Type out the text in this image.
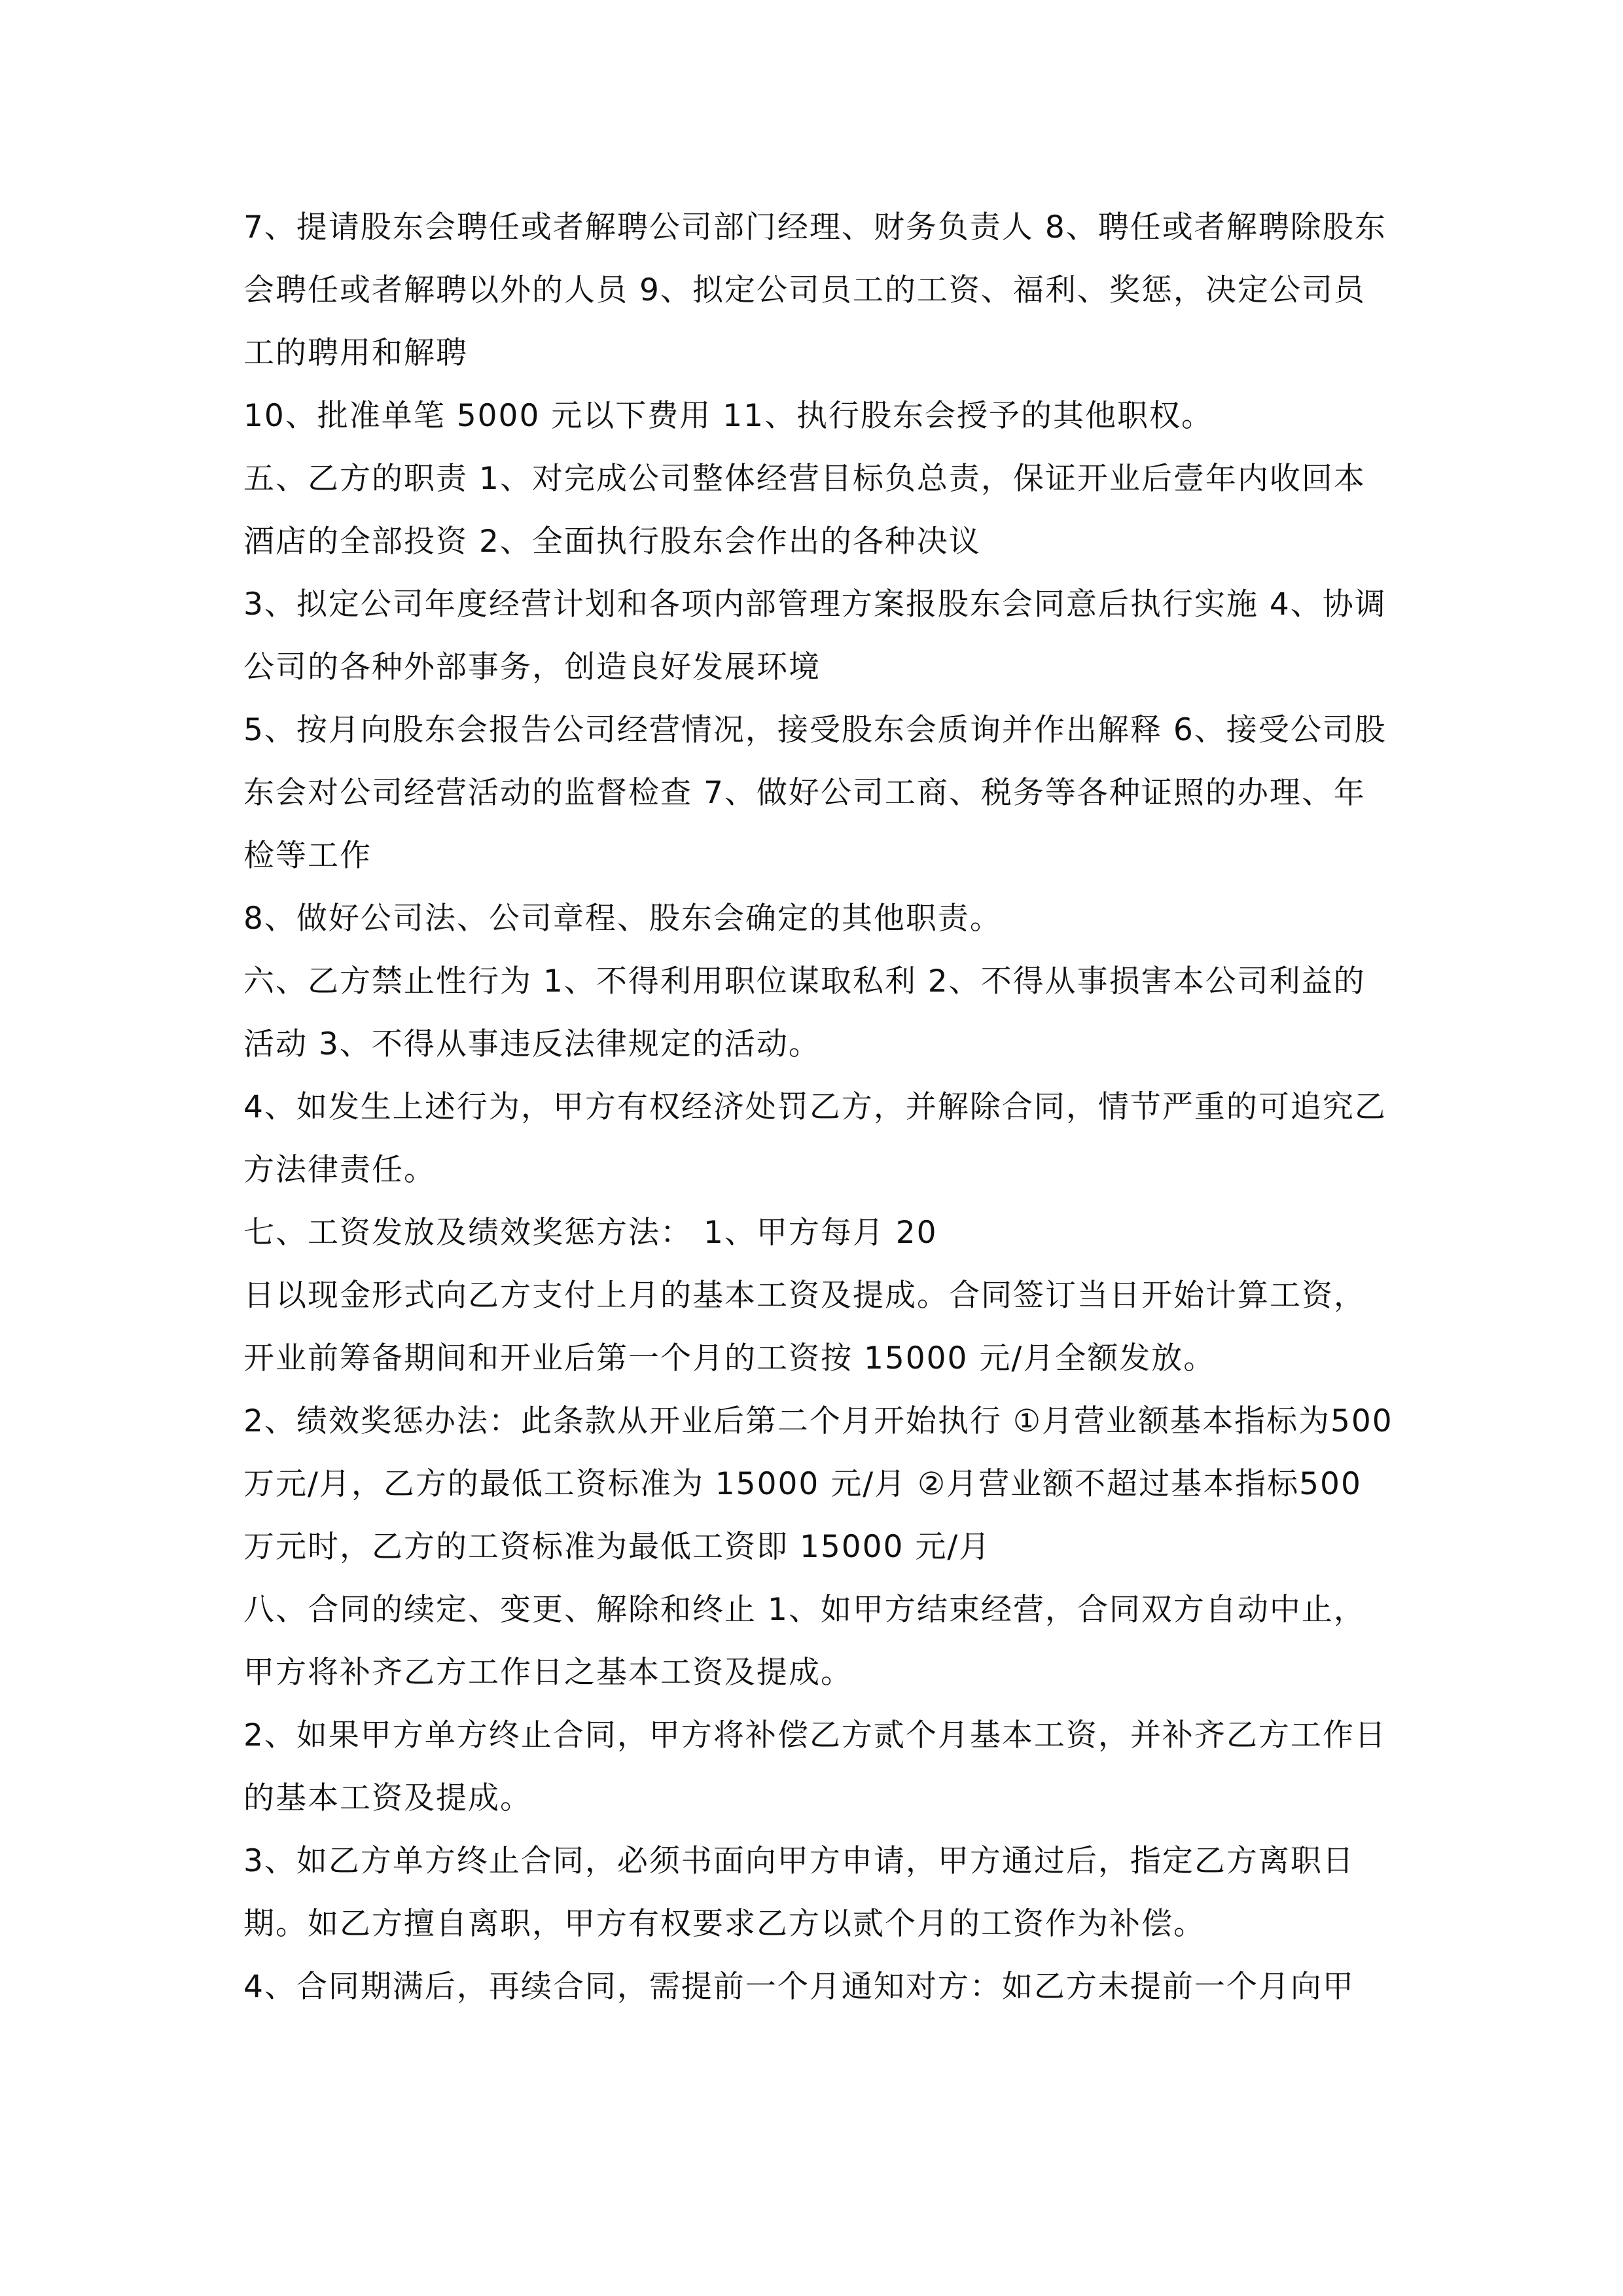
7、提请股东会聘任或者解聘公司部门经理、财务负责人 8、聘任或者解聘除股东会聘任或者解聘以外的人员 9、拟定公司员工的工资、福利、奖惩，决定公司员工的聘用和解聘

10、批准单笔 5000 元以下费用 11、执行股东会授予的其他职权。

五、乙方的职责 1、对完成公司整体经营目标负总责，保证开业后壹年内收回本酒店的全部投资 2、全面执行股东会作出的各种决议

3、拟定公司年度经营计划和各项内部管理方案报股东会同意后执行实施 4、协调公司的各种外部事务，创造良好发展环境

5、按月向股东会报告公司经营情况，接受股东会质询并作出解释 6、接受公司股东会对公司经营活动的监督检查 7、做好公司工商、税务等各种证照的办理、年检等工作

8、做好公司法、公司章程、股东会确定的其他职责。

六、乙方禁止性行为 1、不得利用职位谋取私利 2、不得从事损害本公司利益的活动 3、不得从事违反法律规定的活动。

4、如发生上述行为，甲方有权经济处罚乙方，并解除合同，情节严重的可追究乙方法律责任。

七、工资发放及绩效奖惩方法： 1、甲方每月 20
日以现金形式向乙方支付上月的基本工资及提成。合同签订当日开始计算工资，开业前筹备期间和开业后第一个月的工资按 15000 元/月全额发放。

2、绩效奖惩办法：此条款从开业后第二个月开始执行 ①月营业额基本指标为500 万元/月，乙方的最低工资标准为 15000 元/月 ②月营业额不超过基本指标500 万元时，乙方的工资标准为最低工资即 15000 元/月

八、合同的续定、变更、解除和终止 1、如甲方结束经营，合同双方自动中止，甲方将补齐乙方工作日之基本工资及提成。

2、如果甲方单方终止合同，甲方将补偿乙方贰个月基本工资，并补齐乙方工作日的基本工资及提成。

3、如乙方单方终止合同，必须书面向甲方申请，甲方通过后，指定乙方离职日期。如乙方擅自离职，甲方有权要求乙方以贰个月的工资作为补偿。

4、合同期满后，再续合同，需提前一个月通知对方：如乙方未提前一个月向甲
